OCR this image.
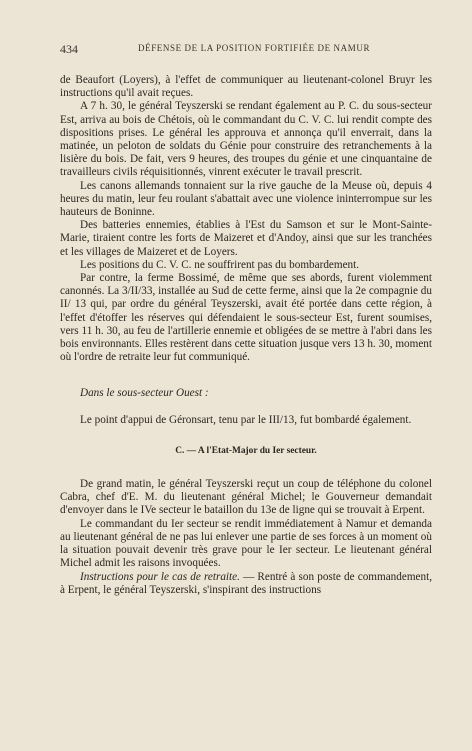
434	DÉFENSE DE LA POSITION FORTIFIÉE DE NAMUR

de Beaufort (Loyers), à l'effet de communiquer au lieutenant-colonel Bruyr les instructions qu'il avait reçues.

A 7 h. 30, le général Teyszerski se rendant également au P. C. du sous-secteur Est, arriva au bois de Chétois, où le commandant du C. V. C. lui rendit compte des dispositions prises. Le général les approuva et annonça qu'il enverrait, dans la matinée, un peloton de soldats du Génie pour construire des retranchements à la lisière du bois. De fait, vers 9 heures, des troupes du génie et une cinquantaine de travailleurs civils réquisitionnés, vinrent exécuter le travail prescrit.

Les canons allemands tonnaient sur la rive gauche de la Meuse où, depuis 4 heures du matin, leur feu roulant s'abattait avec une violence ininterrompue sur les hauteurs de Boninne.

Des batteries ennemies, établies à l'Est du Samson et sur le Mont-Sainte-Marie, tiraient contre les forts de Maizeret et d'Andoy, ainsi que sur les tranchées et les villages de Maizeret et de Loyers.

Les positions du C. V. C. ne souffrirent pas du bombardement.

Par contre, la ferme Bossimé, de même que ses abords, furent violemment canonnés. La 3/II/33, installée au Sud de cette ferme, ainsi que la 2e compagnie du II/ 13 qui, par ordre du général Teyszerski, avait été portée dans cette région, à l'effet d'étoffer les réserves qui défendaient le sous-secteur Est, furent soumises, vers 11 h. 30, au feu de l'artillerie ennemie et obligées de se mettre à l'abri dans les bois environnants. Elles restèrent dans cette situation jusque vers 13 h. 30, moment où l'ordre de retraite leur fut communiqué.

Dans le sous-secteur Ouest :

Le point d'appui de Géronsart, tenu par le III/13, fut bombardé également.

C. — A l'Etat-Major du Ier secteur.

De grand matin, le général Teyszerski reçut un coup de téléphone du colonel Cabra, chef d'E. M. du lieutenant général Michel; le Gouverneur demandait d'envoyer dans le IVe secteur le bataillon du 13e de ligne qui se trouvait à Erpent.

Le commandant du Ier secteur se rendit immédiatement à Namur et demanda au lieutenant général de ne pas lui enlever une partie de ses forces à un moment où la situation pouvait devenir très grave pour le Ier secteur. Le lieutenant général Michel admit les raisons invoquées.

Instructions pour le cas de retraite. — Rentré à son poste de commandement, à Erpent, le général Teyszerski, s'inspirant des instructions
